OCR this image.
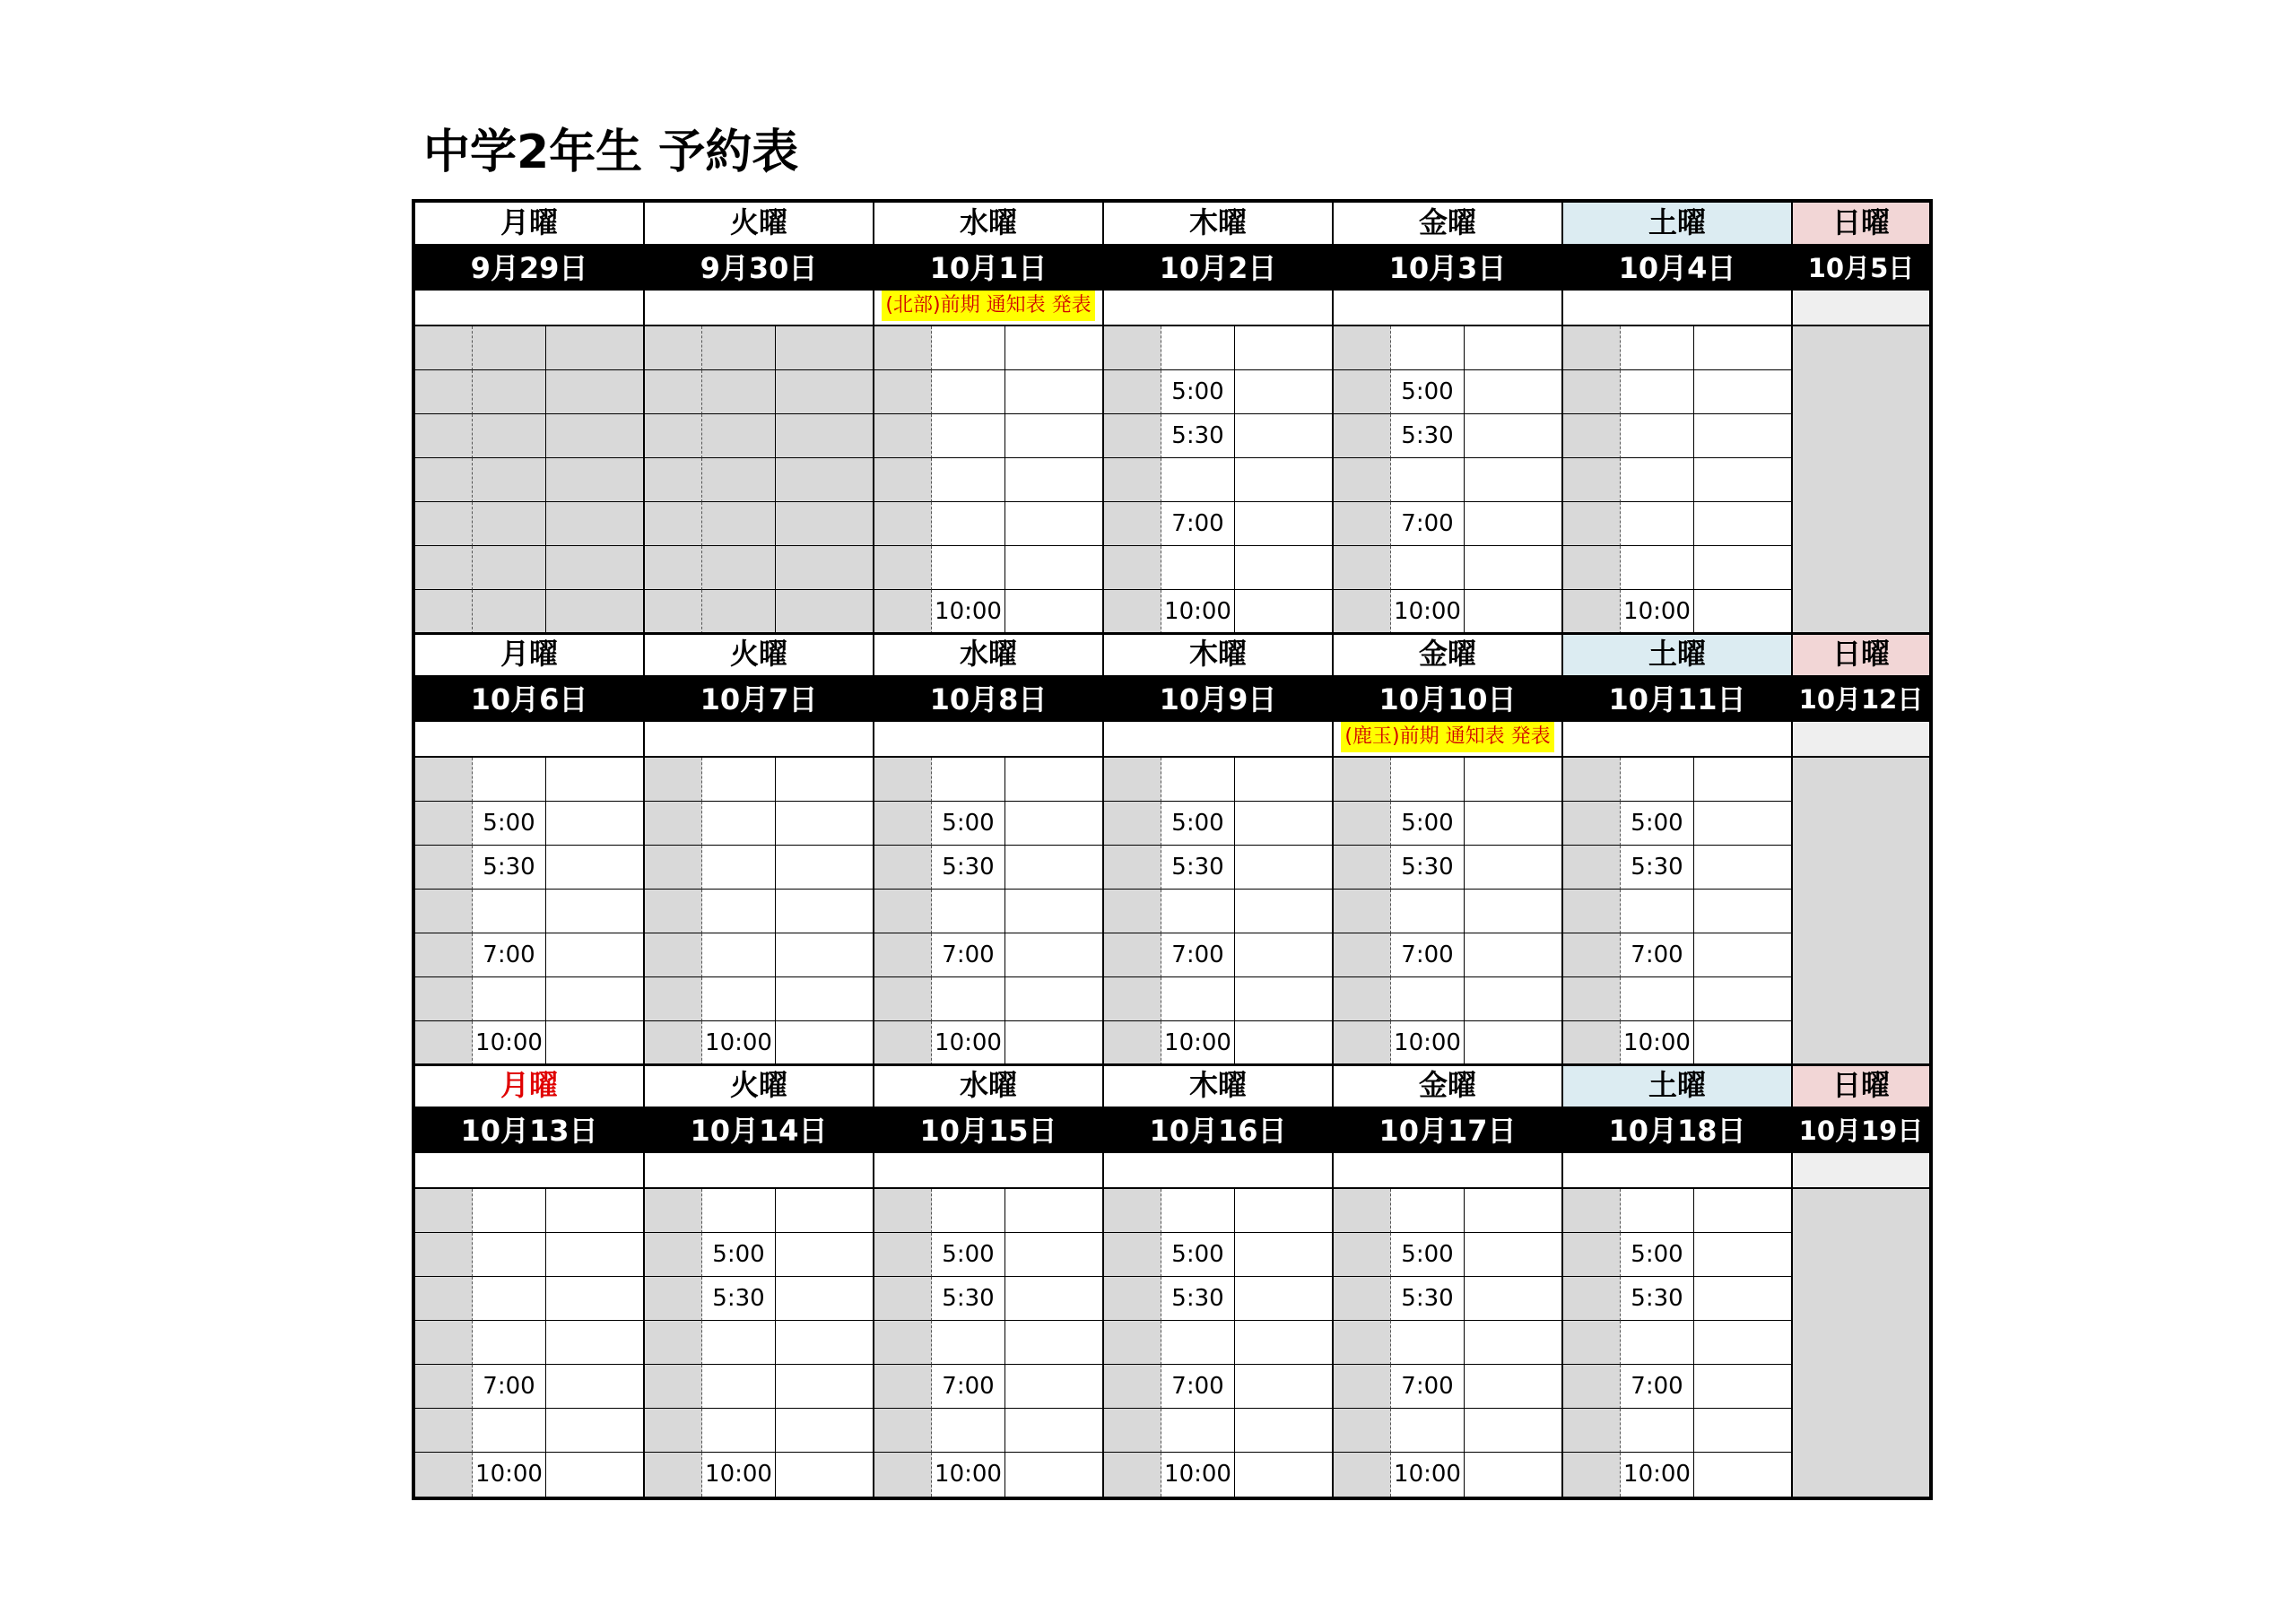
中学2年生 予約表
月曜
9月29日
火曜
9月30日
水曜
10月1日
(北部)前期 通知表 発表
10:00
木曜
10月2日
5:00
5:30
7:00
10:00
金曜
10月3日
5:00
5:30
7:00
10:00
土曜
10月4日
10:00
日曜
10月5日
月曜
10月6日
5:00
5:30
7:00
10:00
火曜
10月7日
10:00
水曜
10月8日
5:00
5:30
7:00
10:00
木曜
10月9日
5:00
5:30
7:00
10:00
金曜
10月10日
(鹿玉)前期 通知表 発表
5:00
5:30
7:00
10:00
土曜
10月11日
5:00
5:30
7:00
10:00
日曜
10月12日
月曜
10月13日
7:00
10:00
火曜
10月14日
5:00
5:30
10:00
水曜
10月15日
5:00
5:30
7:00
10:00
木曜
10月16日
5:00
5:30
7:00
10:00
金曜
10月17日
5:00
5:30
7:00
10:00
土曜
10月18日
5:00
5:30
7:00
10:00
日曜
10月19日
